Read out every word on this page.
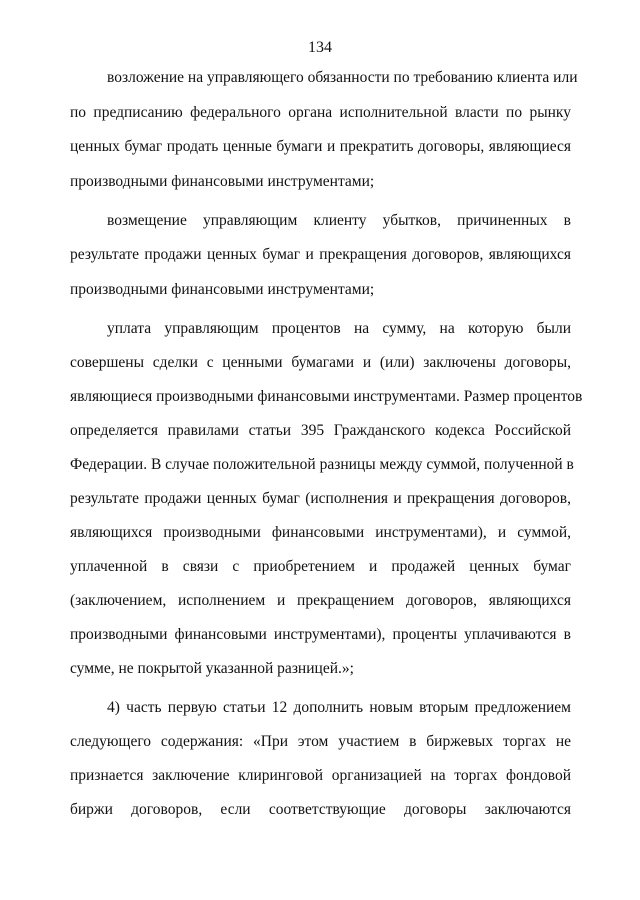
134
возложение на управляющего обязанности по требованию клиента или
по предписанию федерального органа исполнительной власти по рынку
ценных бумаг продать ценные бумаги и прекратить договоры, являющиеся
производными финансовыми инструментами;
возмещение управляющим клиенту убытков, причиненных в
результате продажи ценных бумаг и прекращения договоров, являющихся
производными финансовыми инструментами;
уплата управляющим процентов на сумму, на которую были
совершены сделки с ценными бумагами и (или) заключены договоры,
являющиеся производными финансовыми инструментами. Размер процентов
определяется правилами статьи 395 Гражданского кодекса Российской
Федерации. В случае положительной разницы между суммой, полученной в
результате продажи ценных бумаг (исполнения и прекращения договоров,
являющихся производными финансовыми инструментами), и суммой,
уплаченной в связи с приобретением и продажей ценных бумаг
(заключением, исполнением и прекращением договоров, являющихся
производными финансовыми инструментами), проценты уплачиваются в
сумме, не покрытой указанной разницей.»;
4) часть первую статьи 12 дополнить новым вторым предложением
следующего содержания: «При этом участием в биржевых торгах не
признается заключение клиринговой организацией на торгах фондовой
биржи договоров, если соответствующие договоры заключаются
